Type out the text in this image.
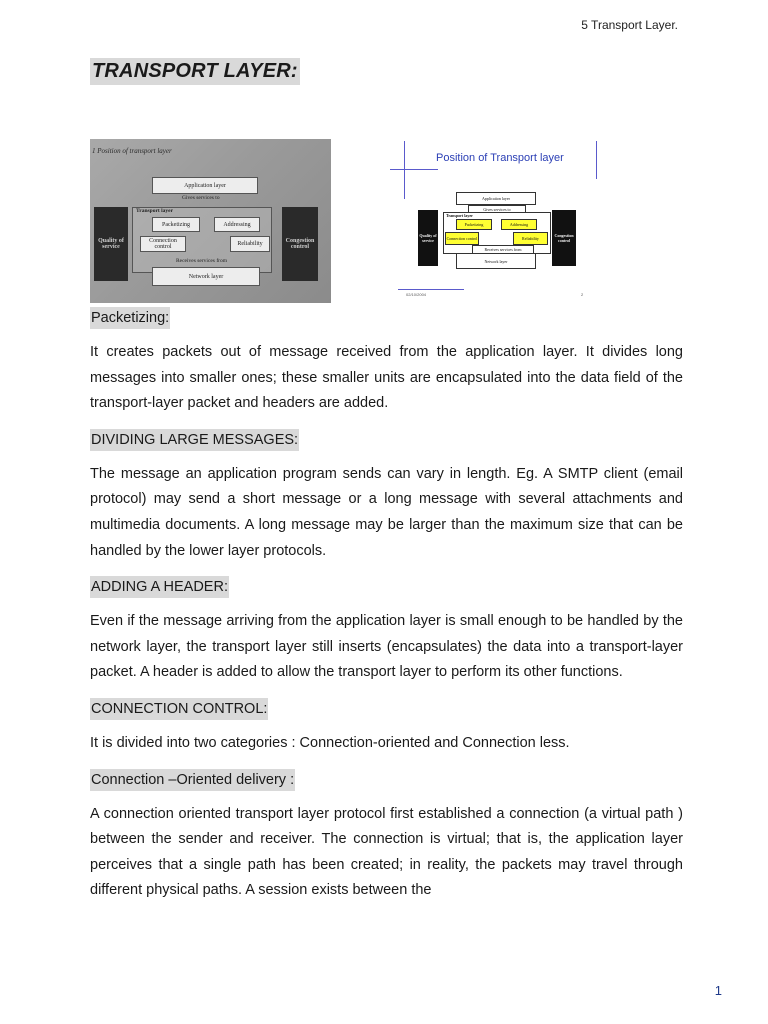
5 Transport Layer.
TRANSPORT LAYER:
1 Position of transport layer
Application layer
Gives services to
Transport layer
Packetizing	Addressing
Connection control	Reliability
Receives services from
Quality of service
Congestion control
Network layer
Position of Transport layer
Application layer
Gives services to
Transport layer
Packetizing	Addressing
Connection control	Reliability
Receives services from
Quality of service
Congestion control
Network layer
02/10/2004	2
Packetizing:

It creates packets out of message received from the application layer. It divides long messages into smaller ones; these smaller units are encapsulated into the data field of the transport-layer packet and headers are added.

DIVIDING LARGE MESSAGES:

The message an application program sends can vary in length. Eg. A SMTP client (email protocol) may send a short message or a long message with several attachments and multimedia documents. A long message may be larger than the maximum size that can be handled by the lower layer protocols.

ADDING A HEADER:

Even if the message arriving from the application layer is small enough to be handled by the network layer, the transport layer still inserts (encapsulates) the data into a transport-layer packet. A header is added to allow the transport layer to perform its other functions.

CONNECTION CONTROL:

It is divided into two categories : Connection-oriented and Connection less.

Connection –Oriented delivery :

A connection oriented transport layer protocol first established a connection (a virtual path ) between the sender and receiver. The connection is virtual; that is, the application layer perceives that a single path has been created; in reality, the packets may travel through different physical paths. A session exists between the

1
